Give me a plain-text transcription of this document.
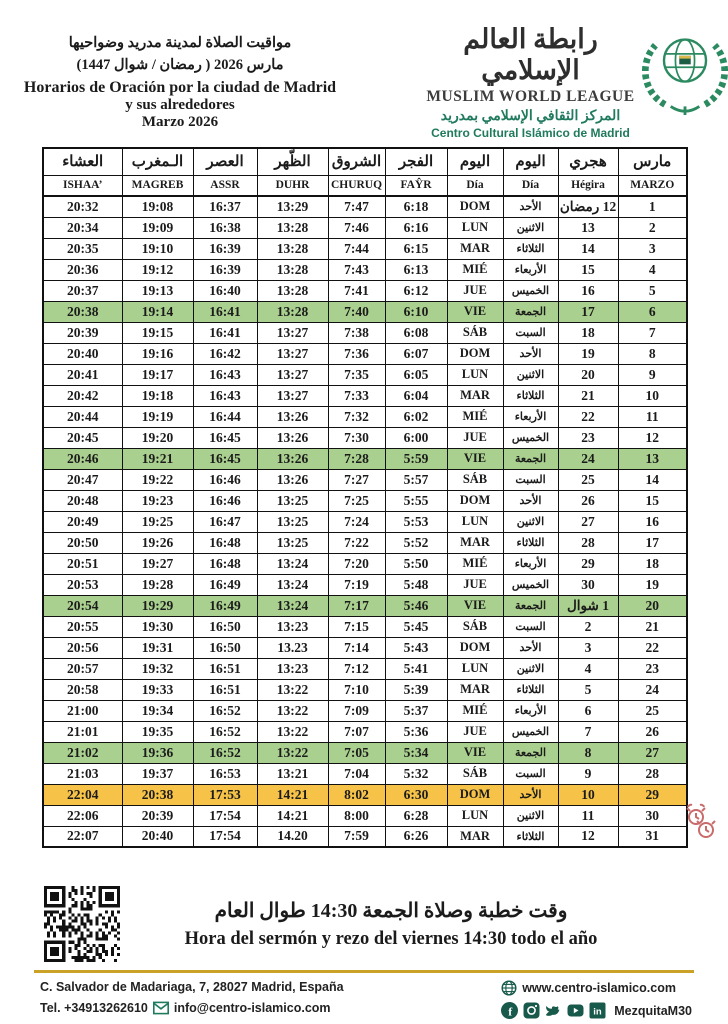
مواقيت الصلاة لمدينة مدريد وضواحيها
مارس 2026 ( رمضان / شوال 1447)
Horarios de Oración por la ciudad de Madrid
y sus alrededores
Marzo 2026
رابطة العالم الإسلامي
MUSLIM WORLD LEAGUE
المركز الثقافي الإسلامي بمدريد
Centro Cultural Islámico de Madrid
العشاء	الـمغرب	العصر	الظّهر	الشروق	الفجر	اليوم	اليوم	هجري	مارس
ISHAA’	MAGREB	ASSR	DUHR	CHURUQ	FAŶR	Día	Día	Hégira	MARZO
20:32	19:08	16:37	13:29	7:47	6:18	DOM	الأحد	12 رمضان	1
20:34	19:09	16:38	13:28	7:46	6:16	LUN	الاثنين	13	2
20:35	19:10	16:39	13:28	7:44	6:15	MAR	الثلاثاء	14	3
20:36	19:12	16:39	13:28	7:43	6:13	MIÉ	الأربعاء	15	4
20:37	19:13	16:40	13:28	7:41	6:12	JUE	الخميس	16	5
20:38	19:14	16:41	13:28	7:40	6:10	VIE	الجمعة	17	6
20:39	19:15	16:41	13:27	7:38	6:08	SÁB	السبت	18	7
20:40	19:16	16:42	13:27	7:36	6:07	DOM	الأحد	19	8
20:41	19:17	16:43	13:27	7:35	6:05	LUN	الاثنين	20	9
20:42	19:18	16:43	13:27	7:33	6:04	MAR	الثلاثاء	21	10
20:44	19:19	16:44	13:26	7:32	6:02	MIÉ	الأربعاء	22	11
20:45	19:20	16:45	13:26	7:30	6:00	JUE	الخميس	23	12
20:46	19:21	16:45	13:26	7:28	5:59	VIE	الجمعة	24	13
20:47	19:22	16:46	13:26	7:27	5:57	SÁB	السبت	25	14
20:48	19:23	16:46	13:25	7:25	5:55	DOM	الأحد	26	15
20:49	19:25	16:47	13:25	7:24	5:53	LUN	الاثنين	27	16
20:50	19:26	16:48	13:25	7:22	5:52	MAR	الثلاثاء	28	17
20:51	19:27	16:48	13:24	7:20	5:50	MIÉ	الأربعاء	29	18
20:53	19:28	16:49	13:24	7:19	5:48	JUE	الخميس	30	19
20:54	19:29	16:49	13:24	7:17	5:46	VIE	الجمعة	1 شوال	20
20:55	19:30	16:50	13:23	7:15	5:45	SÁB	السبت	2	21
20:56	19:31	16:50	13.23	7:14	5:43	DOM	الأحد	3	22
20:57	19:32	16:51	13:23	7:12	5:41	LUN	الاثنين	4	23
20:58	19:33	16:51	13:22	7:10	5:39	MAR	الثلاثاء	5	24
21:00	19:34	16:52	13:22	7:09	5:37	MIÉ	الأربعاء	6	25
21:01	19:35	16:52	13:22	7:07	5:36	JUE	الخميس	7	26
21:02	19:36	16:52	13:22	7:05	5:34	VIE	الجمعة	8	27
21:03	19:37	16:53	13:21	7:04	5:32	SÁB	السبت	9	28
22:04	20:38	17:53	14:21	8:02	6:30	DOM	الأحد	10	29
22:06	20:39	17:54	14:21	8:00	6:28	LUN	الاثنين	11	30
22:07	20:40	17:54	14.20	7:59	6:26	MAR	الثلاثاء	12	31
وقت خطبة وصلاة الجمعة 14:30 طوال العام
Hora del sermón y rezo del viernes 14:30 todo el año
C. Salvador de Madariaga, 7, 28027 Madrid, España
Tel. +34913262610 info@centro-islamico.com
www.centro-islamico.com
f	in MezquitaM30
